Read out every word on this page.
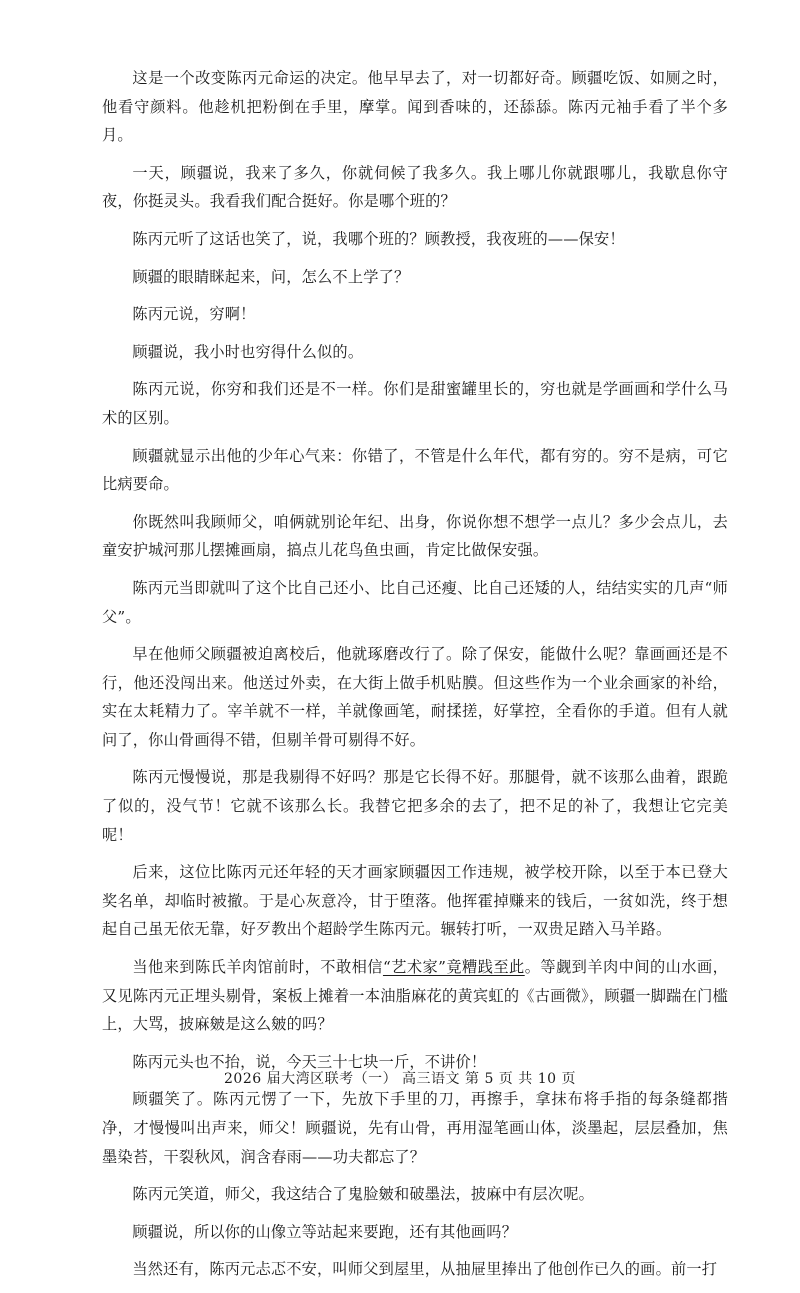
这是一个改变陈丙元命运的决定。他早早去了，对一切都好奇。顾疆吃饭、如厕之时，他看守颜料。他趁机把粉倒在手里，摩掌。闻到香味的，还舔舔。陈丙元袖手看了半个多月。

一天，顾疆说，我来了多久，你就伺候了我多久。我上哪儿你就跟哪儿，我歇息你守夜，你挺灵头。我看我们配合挺好。你是哪个班的？

陈丙元听了这话也笑了，说，我哪个班的？顾教授，我夜班的——保安！

顾疆的眼睛眯起来，问，怎么不上学了？

陈丙元说，穷啊！

顾疆说，我小时也穷得什么似的。

陈丙元说，你穷和我们还是不一样。你们是甜蜜罐里长的，穷也就是学画画和学什么马术的区别。

顾疆就显示出他的少年心气来：你错了，不管是什么年代，都有穷的。穷不是病，可它比病要命。

你既然叫我顾师父，咱俩就别论年纪、出身，你说你想不想学一点儿？多少会点儿，去童安护城河那儿摆摊画扇，搞点儿花鸟鱼虫画，肯定比做保安强。

陈丙元当即就叫了这个比自己还小、比自己还瘦、比自己还矮的人，结结实实的几声“师父”。

早在他师父顾疆被迫离校后，他就琢磨改行了。除了保安，能做什么呢？靠画画还是不行，他还没闯出来。他送过外卖，在大街上做手机贴膜。但这些作为一个业余画家的补给，实在太耗精力了。宰羊就不一样，羊就像画笔，耐揉搓，好掌控，全看你的手道。但有人就问了，你山骨画得不错，但剔羊骨可剔得不好。

陈丙元慢慢说，那是我剔得不好吗？那是它长得不好。那腿骨，就不该那么曲着，跟跪了似的，没气节！它就不该那么长。我替它把多余的去了，把不足的补了，我想让它完美呢！

后来，这位比陈丙元还年轻的天才画家顾疆因工作违规，被学校开除，以至于本已登大奖名单，却临时被撤。于是心灰意冷，甘于堕落。他挥霍掉赚来的钱后，一贫如洗，终于想起自己虽无依无靠，好歹教出个超龄学生陈丙元。辗转打听，一双贵足踏入马羊路。

当他来到陈氏羊肉馆前时，不敢相信“艺术家”竟糟践至此。等觑到羊肉中间的山水画，又见陈丙元正埋头剔骨，案板上摊着一本油脂麻花的黄宾虹的《古画微》，顾疆一脚踹在门槛上，大骂，披麻皴是这么皴的吗？

陈丙元头也不抬，说，今天三十七块一斤，不讲价！

顾疆笑了。陈丙元愣了一下，先放下手里的刀，再擦手，拿抹布将手指的每条缝都揩净，才慢慢叫出声来，师父！顾疆说，先有山骨，再用湿笔画山体，淡墨起，层层叠加，焦墨染苔，干裂秋风，润含春雨——功夫都忘了？

陈丙元笑道，师父，我这结合了鬼脸皴和破墨法，披麻中有层次呢。

顾疆说，所以你的山像立等站起来要跑，还有其他画吗？

当然还有，陈丙元忐忑不安，叫师父到屋里，从抽屉里捧出了他创作已久的画。前一打

2026 届大湾区联考（一） 高三语文 第 5 页 共 10 页
